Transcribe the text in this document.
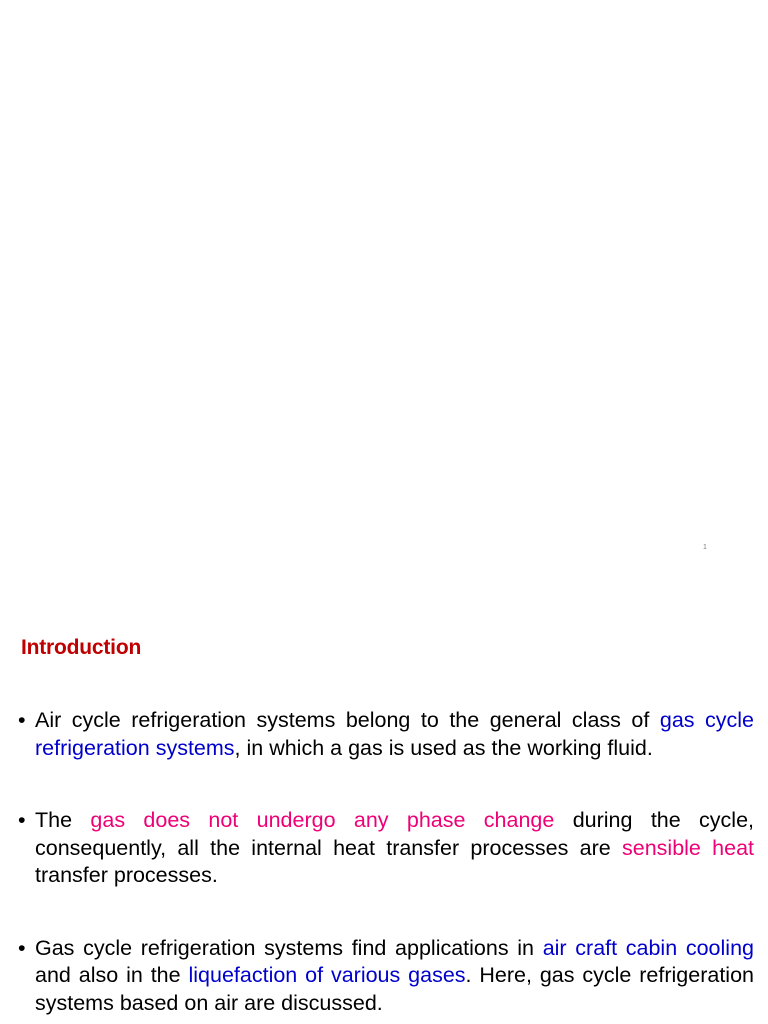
1
Introduction
• Air cycle refrigeration systems belong to the general class of gas cycle refrigeration systems, in which a gas is used as the working fluid.
• The gas does not undergo any phase change during the cycle, consequently, all the internal heat transfer processes are sensible heat transfer processes.
• Gas cycle refrigeration systems find applications in air craft cabin cooling and also in the liquefaction of various gases. Here, gas cycle refrigeration systems based on air are discussed.
